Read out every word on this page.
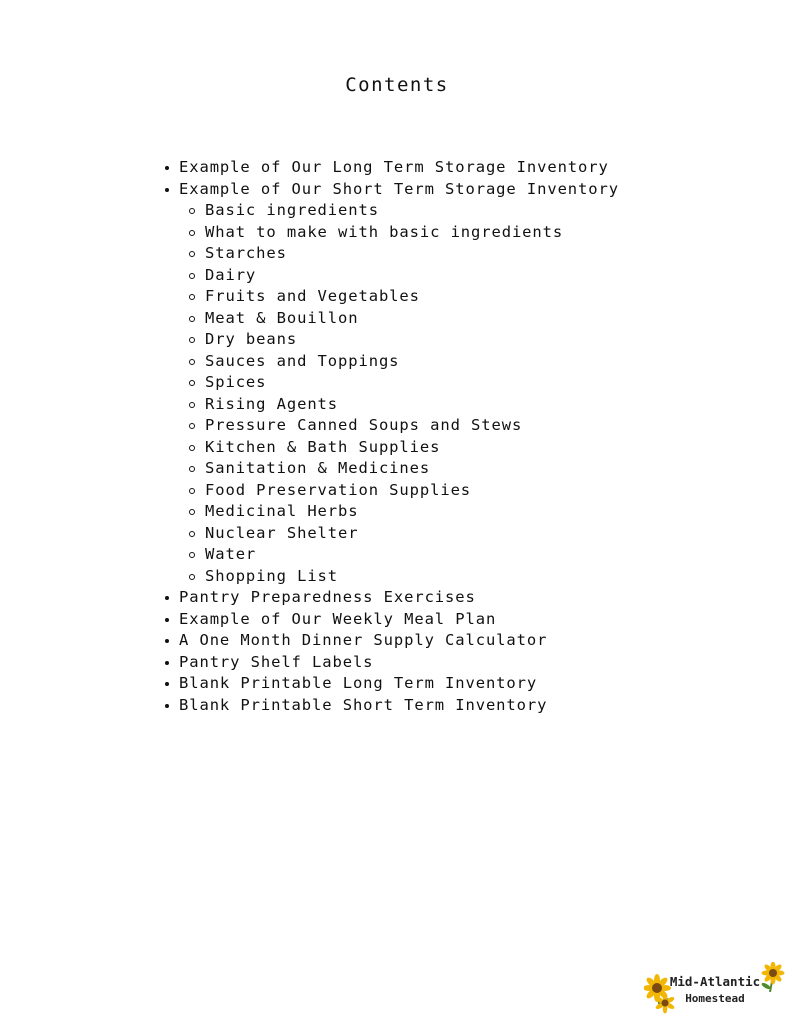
Contents
Example of Our Long Term Storage Inventory
Example of Our Short Term Storage Inventory
Basic ingredients
What to make with basic ingredients
Starches
Dairy
Fruits and Vegetables
Meat & Bouillon
Dry beans
Sauces and Toppings
Spices
Rising Agents
Pressure Canned Soups and Stews
Kitchen & Bath Supplies
Sanitation & Medicines
Food Preservation Supplies
Medicinal Herbs
Nuclear Shelter
Water
Shopping List
Pantry Preparedness Exercises
Example of Our Weekly Meal Plan
A One Month Dinner Supply Calculator
Pantry Shelf Labels
Blank Printable Long Term Inventory
Blank Printable Short Term Inventory
Mid-Atlantic
Homestead
